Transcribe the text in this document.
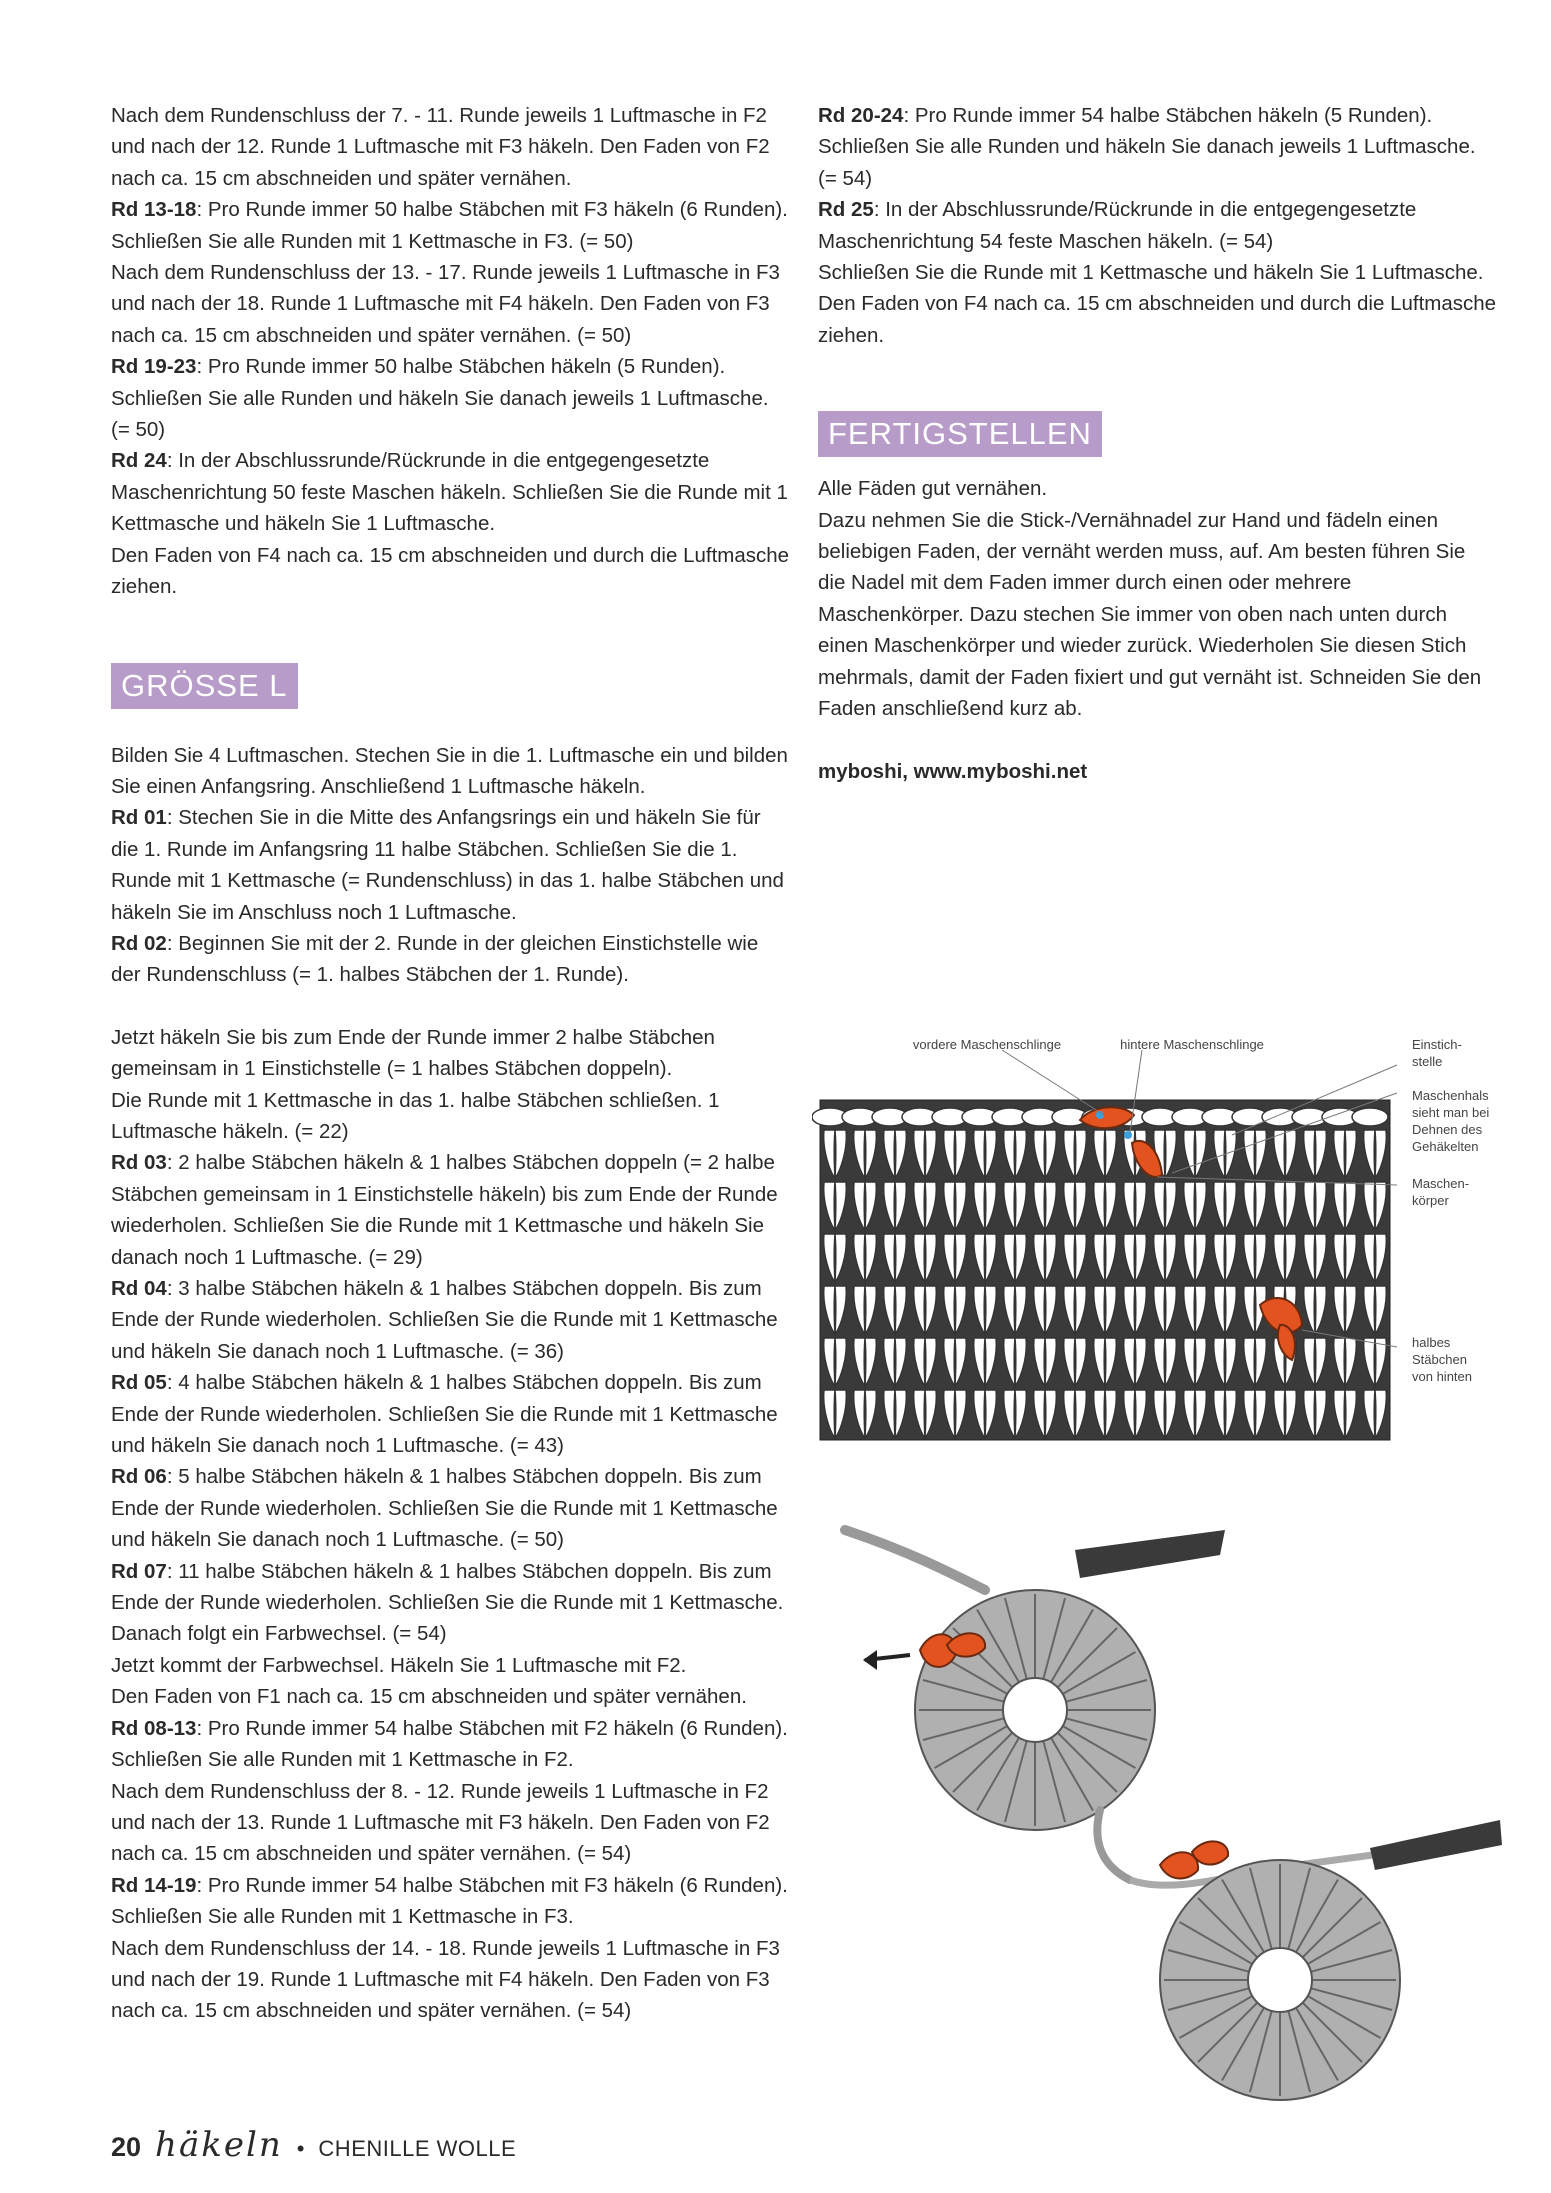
Nach dem Rundenschluss der 7. - 11. Runde jeweils 1 Luftmasche in F2 und nach der 12. Runde 1 Luftmasche mit F3 häkeln. Den Faden von F2 nach ca. 15 cm abschneiden und später vernähen.

Rd 13-18: Pro Runde immer 50 halbe Stäbchen mit F3 häkeln (6 Runden). Schließen Sie alle Runden mit 1 Kettmasche in F3. (= 50)

Nach dem Rundenschluss der 13. - 17. Runde jeweils 1 Luftmasche in F3 und nach der 18. Runde 1 Luftmasche mit F4 häkeln. Den Faden von F3 nach ca. 15 cm abschneiden und später vernähen. (= 50)

Rd 19-23: Pro Runde immer 50 halbe Stäbchen häkeln (5 Runden). Schließen Sie alle Runden und häkeln Sie danach jeweils 1 Luftmasche. (= 50)

Rd 24: In der Abschlussrunde/Rückrunde in die entgegengesetzte Maschenrichtung 50 feste Maschen häkeln. Schließen Sie die Runde mit 1 Kettmasche und häkeln Sie 1 Luftmasche.

Den Faden von F4 nach ca. 15 cm abschneiden und durch die Luftmasche ziehen.

GRÖSSE L

Bilden Sie 4 Luftmaschen. Stechen Sie in die 1. Luftmasche ein und bilden Sie einen Anfangsring. Anschließend 1 Luftmasche häkeln.

Rd 01: Stechen Sie in die Mitte des Anfangsrings ein und häkeln Sie für die 1. Runde im Anfangsring 11 halbe Stäbchen. Schließen Sie die 1. Runde mit 1 Kettmasche (= Rundenschluss) in das 1. halbe Stäbchen und häkeln Sie im Anschluss noch 1 Luftmasche.

Rd 02: Beginnen Sie mit der 2. Runde in der gleichen Einstichstelle wie der Rundenschluss (= 1. halbes Stäbchen der 1. Runde).

Jetzt häkeln Sie bis zum Ende der Runde immer 2 halbe Stäbchen gemeinsam in 1 Einstichstelle (= 1 halbes Stäbchen doppeln).

Die Runde mit 1 Kettmasche in das 1. halbe Stäbchen schließen. 1 Luftmasche häkeln. (= 22)

Rd 03: 2 halbe Stäbchen häkeln & 1 halbes Stäbchen doppeln (= 2 halbe Stäbchen gemeinsam in 1 Einstichstelle häkeln) bis zum Ende der Runde wiederholen. Schließen Sie die Runde mit 1 Kettmasche und häkeln Sie danach noch 1 Luftmasche. (= 29)

Rd 04: 3 halbe Stäbchen häkeln & 1 halbes Stäbchen doppeln. Bis zum Ende der Runde wiederholen. Schließen Sie die Runde mit 1 Kettmasche und häkeln Sie danach noch 1 Luftmasche. (= 36)

Rd 05: 4 halbe Stäbchen häkeln & 1 halbes Stäbchen doppeln. Bis zum Ende der Runde wiederholen. Schließen Sie die Runde mit 1 Kettmasche und häkeln Sie danach noch 1 Luftmasche. (= 43)

Rd 06: 5 halbe Stäbchen häkeln & 1 halbes Stäbchen doppeln. Bis zum Ende der Runde wiederholen. Schließen Sie die Runde mit 1 Kettmasche und häkeln Sie danach noch 1 Luftmasche. (= 50)

Rd 07: 11 halbe Stäbchen häkeln & 1 halbes Stäbchen doppeln. Bis zum Ende der Runde wiederholen. Schließen Sie die Runde mit 1 Kettmasche. Danach folgt ein Farbwechsel. (= 54)

Jetzt kommt der Farbwechsel. Häkeln Sie 1 Luftmasche mit F2.

Den Faden von F1 nach ca. 15 cm abschneiden und später vernähen.

Rd 08-13: Pro Runde immer 54 halbe Stäbchen mit F2 häkeln (6 Runden). Schließen Sie alle Runden mit 1 Kettmasche in F2.

Nach dem Rundenschluss der 8. - 12. Runde jeweils 1 Luftmasche in F2 und nach der 13. Runde 1 Luftmasche mit F3 häkeln. Den Faden von F2 nach ca. 15 cm abschneiden und später vernähen. (= 54)

Rd 14-19: Pro Runde immer 54 halbe Stäbchen mit F3 häkeln (6 Runden). Schließen Sie alle Runden mit 1 Kettmasche in F3.

Nach dem Rundenschluss der 14. - 18. Runde jeweils 1 Luftmasche in F3 und nach der 19. Runde 1 Luftmasche mit F4 häkeln. Den Faden von F3 nach ca. 15 cm abschneiden und später vernähen. (= 54)

Rd 20-24: Pro Runde immer 54 halbe Stäbchen häkeln (5 Runden). Schließen Sie alle Runden und häkeln Sie danach jeweils 1 Luftmasche. (= 54)

Rd 25: In der Abschlussrunde/Rückrunde in die entgegengesetzte Maschenrichtung 54 feste Maschen häkeln. (= 54)

Schließen Sie die Runde mit 1 Kettmasche und häkeln Sie 1 Luftmasche.

Den Faden von F4 nach ca. 15 cm abschneiden und durch die Luftmasche ziehen.

FERTIGSTELLEN

Alle Fäden gut vernähen.

Dazu nehmen Sie die Stick-/Vernähnadel zur Hand und fädeln einen beliebigen Faden, der vernäht werden muss, auf. Am besten führen Sie die Nadel mit dem Faden immer durch einen oder mehrere Maschenkörper. Dazu stechen Sie immer von oben nach unten durch einen Maschenkörper und wieder zurück. Wiederholen Sie diesen Stich mehrmals, damit der Faden fixiert und gut vernäht ist. Schneiden Sie den Faden anschließend kurz ab.

myboshi, www.myboshi.net

vordere Maschenschlinge	hintere Maschenschlinge	Einstich-
stelle
Maschenhals
sieht man bei
Dehnen des
Gehäkelten
Maschen-
körper
halbes
Stäbchen
von hinten
20 häkeln • CHENILLE WOLLE
